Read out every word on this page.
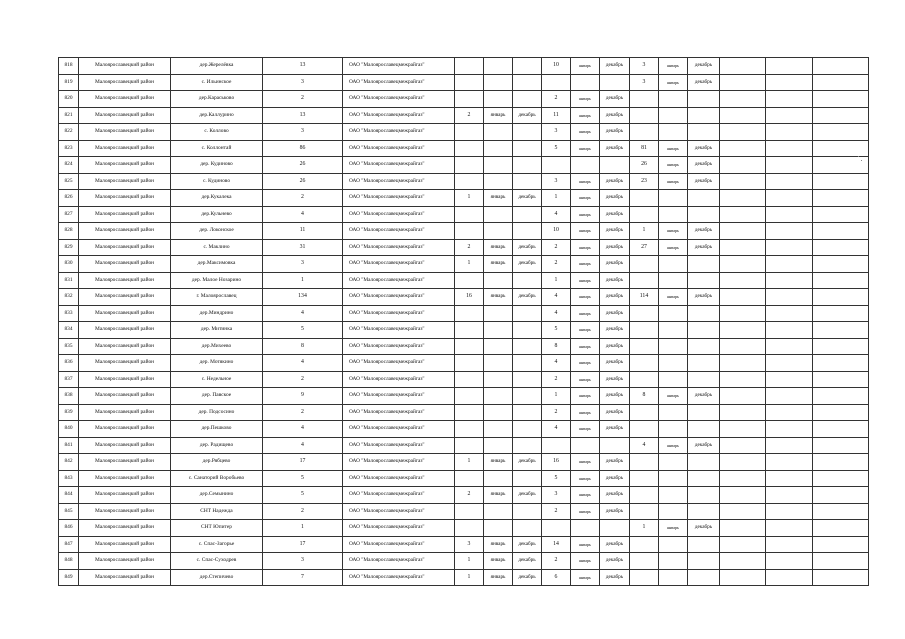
818	Малоярославецкий район	дер.Жерелёвка	13	ОАО "Малоярославецмежрайгаз"				10	январь	декабрь	3	январь	декабрь			
819	Малоярославецкий район	с. Ильинское	3	ОАО "Малоярославецмежрайгаз"							3	январь	декабрь			
820	Малоярославецкий район	дер.Караськово	2	ОАО "Малоярославецмежрайгаз"				2	январь	декабрь						
821	Малоярославецкий район	дер.Каллурино	13	ОАО "Малоярославецмежрайгаз"	2	январь	декабрь	11	январь	декабрь						
822	Малоярославецкий район	с. Коллово	3	ОАО "Малоярославецмежрайгаз"				3	январь	декабрь						
823	Малоярославецкий район	с. Коллонтай	86	ОАО "Малоярославецмежрайгаз"				5	январь	декабрь	81	январь	декабрь			
824	Малоярославецкий район	дер. Кудиново	26	ОАО "Малоярославецмежрайгаз"							26	январь	декабрь			
825	Малоярославецкий район	с. Кудиново	26	ОАО "Малоярославецмежрайгаз"				3	январь	декабрь	23	январь	декабрь			
826	Малоярославецкий район	дер.Кукалека	2	ОАО "Малоярославецмежрайгаз"	1	январь	декабрь	1	январь	декабрь						
827	Малоярославецкий район	дер.Кульнево	4	ОАО "Малоярославецмежрайгаз"				4	январь	декабрь						
828	Малоярославецкий район	дер. Локонское	11	ОАО "Малоярославецмежрайгаз"				10	январь	декабрь	1	январь	декабрь			
829	Малоярославецкий район	с. Маклино	31	ОАО "Малоярославецмежрайгаз"	2	январь	декабрь	2	январь	декабрь	27	январь	декабрь			
830	Малоярославецкий район	дер.Максимовка	3	ОАО "Малоярославецмежрайгаз"	1	январь	декабрь	2	январь	декабрь						
831	Малоярославецкий район	дер. Малое Нозарино	1	ОАО "Малоярославецмежрайгаз"				1	январь	декабрь						
832	Малоярославецкий район	г. Малоярославец	134	ОАО "Малоярославецмежрайгаз"	16	январь	декабрь	4	январь	декабрь	114	январь	декабрь			
833	Малоярославецкий район	дер.Миндрино	4	ОАО "Малоярославецмежрайгаз"				4	январь	декабрь						
834	Малоярославецкий район	дер. Митинка	5	ОАО "Малоярославецмежрайгаз"				5	январь	декабрь						
835	Малоярославецкий район	дер.Михеево	8	ОАО "Малоярославецмежрайгаз"				8	январь	декабрь						
836	Малоярославецкий район	дер. Мотякино	4	ОАО "Малоярославецмежрайгаз"				4	январь	декабрь						
837	Малоярославецкий район	с. Недельное	2	ОАО "Малоярославецмежрайгаз"				2	январь	декабрь						
838	Малоярославецкий район	дер. Павское	9	ОАО "Малоярославецмежрайгаз"				1	январь	декабрь	8	январь	декабрь			
839	Малоярославецкий район	дер. Подсосино	2	ОАО "Малоярославецмежрайгаз"				2	январь	декабрь						
840	Малоярославецкий район	дер.Пешково	4	ОАО "Малоярославецмежрайгаз"				4	январь	декабрь						
841	Малоярославецкий район	дер. Радищево	4	ОАО "Малоярославецмежрайгаз"							4	январь	декабрь			
842	Малоярославецкий район	дер.Рябцево	17	ОАО "Малоярославецмежрайгаз"	1	январь	декабрь	16	январь	декабрь						
843	Малоярославецкий район	с. Санаторий Воробьево	5	ОАО "Малоярославецмежрайгаз"				5	январь	декабрь						
844	Малоярославецкий район	дер.Семынино	5	ОАО "Малоярославецмежрайгаз"	2	январь	декабрь	3	январь	декабрь						
845	Малоярославецкий район	СНТ Надежда	2	ОАО "Малоярославецмежрайгаз"				2	январь	декабрь						
846	Малоярославецкий район	СНТ Юпитер	1	ОАО "Малоярославецмежрайгаз"							1	январь	декабрь			
847	Малоярославецкий район	с. Спас-Загорье	17	ОАО "Малоярославецмежрайгаз"	3	январь	декабрь	14	январь	декабрь						
848	Малоярославецкий район	с. Спас-Суходрев	3	ОАО "Малоярославецмежрайгаз"	1	январь	декабрь	2	январь	декабрь						
849	Малоярославецкий район	дер.Степичево	7	ОАО "Малоярославецмежрайгаз"	1	январь	декабрь	6	январь	декабрь						
